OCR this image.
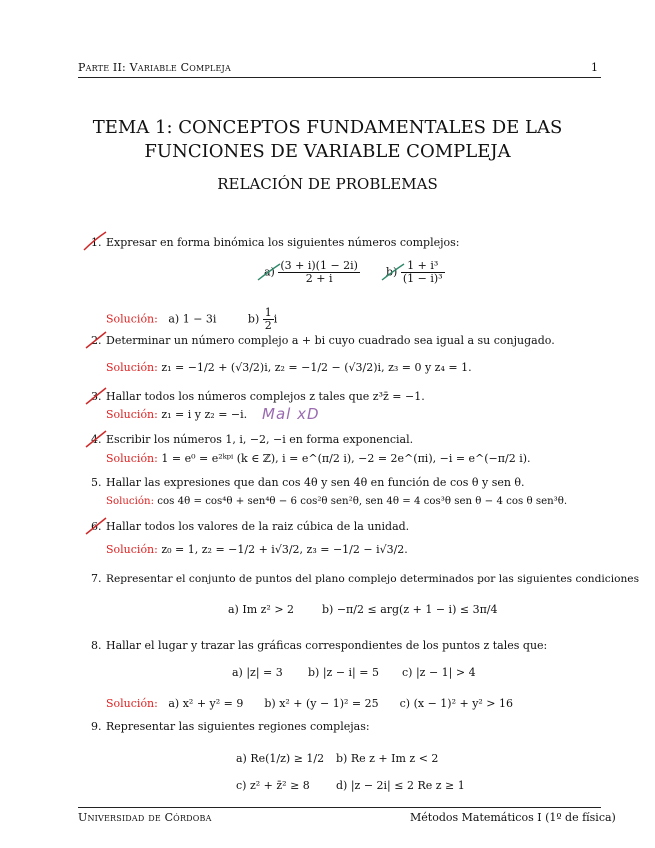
Parte II: Variable Compleja	1
TEMA 1: CONCEPTOS FUNDAMENTALES DE LAS
FUNCIONES DE VARIABLE COMPLEJA
RELACIÓN DE PROBLEMAS
1. Expresar en forma binómica los siguientes números complejos:
$a) \frac{(3 + i)(1 - 2i)}{2 + i} b) \frac{\text{1 + i³}}{\text{(1 − i)³}}$
Solución: a) 1 − 3i	$b) \frac{1}{2}$ i
2. Determinar un número complejo a + bi cuyo cuadrado sea igual a su conjugado.
Solución: z₁ = −1/2 + (√3/2)i, z₂ = −1/2 − (√3/2)i, z₃ = 0 y z₄ = 1.
3. Hallar todos los números complejos z tales que z³z̄ = −1.
Solución: z₁ = i y z₂ = −i. Mal xD
4. Escribir los números 1, i, −2, −i en forma exponencial.
Solución: 1 = e⁰ = e²ᵏᵖⁱ (k ∈ ℤ), i = e^(π/2 i), −2 = 2e^(πi), −i = e^(−π/2 i).
5. Hallar las expresiones que dan cos 4θ y sen 4θ en función de cos θ y sen θ.
Solución: cos 4θ = cos⁴θ + sen⁴θ − 6 cos²θ sen²θ, sen 4θ = 4 cos³θ sen θ − 4 cos θ sen³θ.
6. Hallar todos los valores de la raiz cúbica de la unidad.
Solución: z₀ = 1, z₂ = −1/2 + i√3/2, z₃ = −1/2 − i√3/2.
7. Representar el conjunto de puntos del plano complejo determinados por las siguientes condiciones
a) Im z² > 2	b) −π/2 ≤ arg(z + 1 − i) ≤ 3π/4
8. Hallar el lugar y trazar las gráficas correspondientes de los puntos z tales que:
a) |z| = 3 b) |z − i| = 5 c) |z − 1| > 4
Solución: a) x² + y² = 9 b) x² + (y − 1)² = 25 c) (x − 1)² + y² > 16
9. Representar las siguientes regiones complejas:
a) Re(1/z) ≥ 1/2 b) Re z + Im z < 2
c) z² + z̄² ≥ 8 d) |z − 2i| ≤ 2 Re z ≥ 1
Universidad de Córdoba	Métodos Matemáticos I (1º de física)
